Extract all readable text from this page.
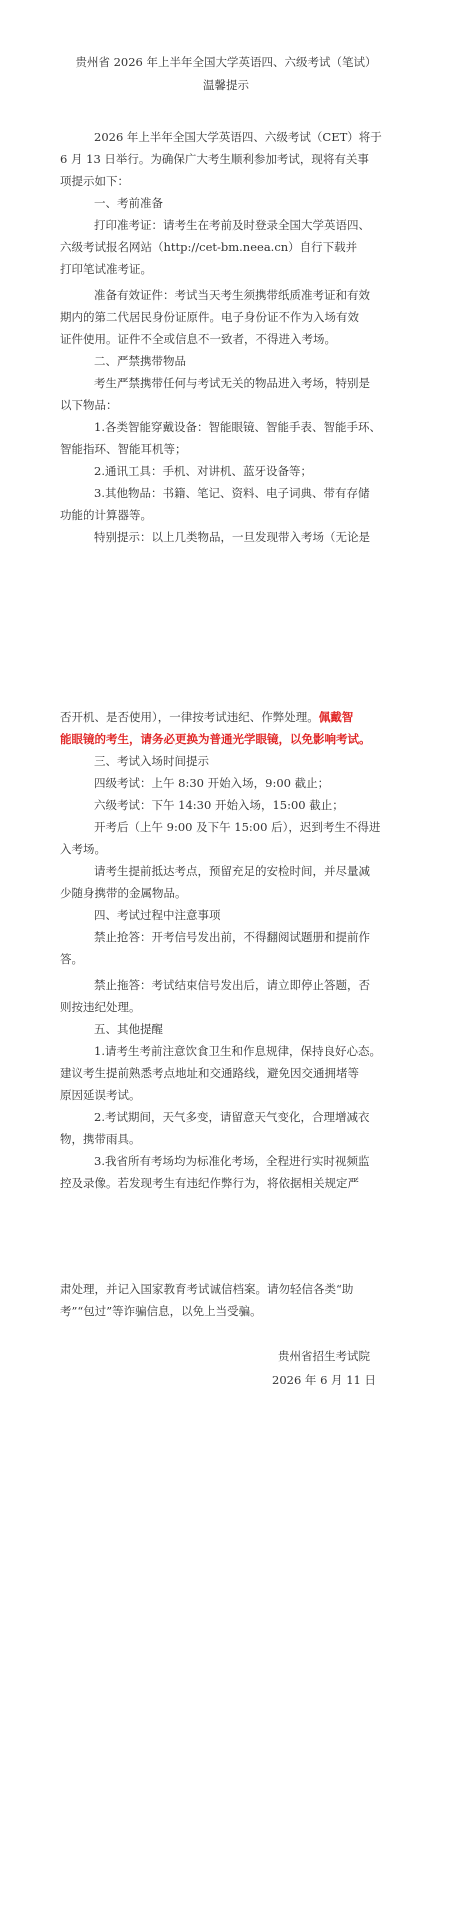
贵州省 2026 年上半年全国大学英语四、六级考试（笔试）
温馨提示
2026 年上半年全国大学英语四、六级考试（CET）将于
6 月 13 日举行。为确保广大考生顺利参加考试，现将有关事
项提示如下：
一、考前准备
打印准考证：请考生在考前及时登录全国大学英语四、
六级考试报名网站（http://cet-bm.neea.cn）自行下载并
打印笔试准考证。
准备有效证件：考试当天考生须携带纸质准考证和有效
期内的第二代居民身份证原件。电子身份证不作为入场有效
证件使用。证件不全或信息不一致者，不得进入考场。
二、严禁携带物品
考生严禁携带任何与考试无关的物品进入考场，特别是
以下物品：
1.各类智能穿戴设备：智能眼镜、智能手表、智能手环、
智能指环、智能耳机等；
2.通讯工具：手机、对讲机、蓝牙设备等；
3.其他物品：书籍、笔记、资料、电子词典、带有存储
功能的计算器等。
特别提示：以上几类物品，一旦发现带入考场（无论是
否开机、是否使用），一律按考试违纪、作弊处理。佩戴智
能眼镜的考生，请务必更换为普通光学眼镜，以免影响考试。
三、考试入场时间提示
四级考试：上午 8:30 开始入场，9:00 截止；
六级考试：下午 14:30 开始入场，15:00 截止；
开考后（上午 9:00 及下午 15:00 后），迟到考生不得进
入考场。
请考生提前抵达考点，预留充足的安检时间，并尽量减
少随身携带的金属物品。
四、考试过程中注意事项
禁止抢答：开考信号发出前，不得翻阅试题册和提前作
答。
禁止拖答：考试结束信号发出后，请立即停止答题，否
则按违纪处理。
五、其他提醒
1.请考生考前注意饮食卫生和作息规律，保持良好心态。
建议考生提前熟悉考点地址和交通路线，避免因交通拥堵等
原因延误考试。
2.考试期间，天气多变，请留意天气变化，合理增减衣
物，携带雨具。
3.我省所有考场均为标准化考场，全程进行实时视频监
控及录像。若发现考生有违纪作弊行为，将依据相关规定严
肃处理，并记入国家教育考试诚信档案。请勿轻信各类“助
考”“包过”等诈骗信息，以免上当受骗。
贵州省招生考试院
2026 年 6 月 11 日
